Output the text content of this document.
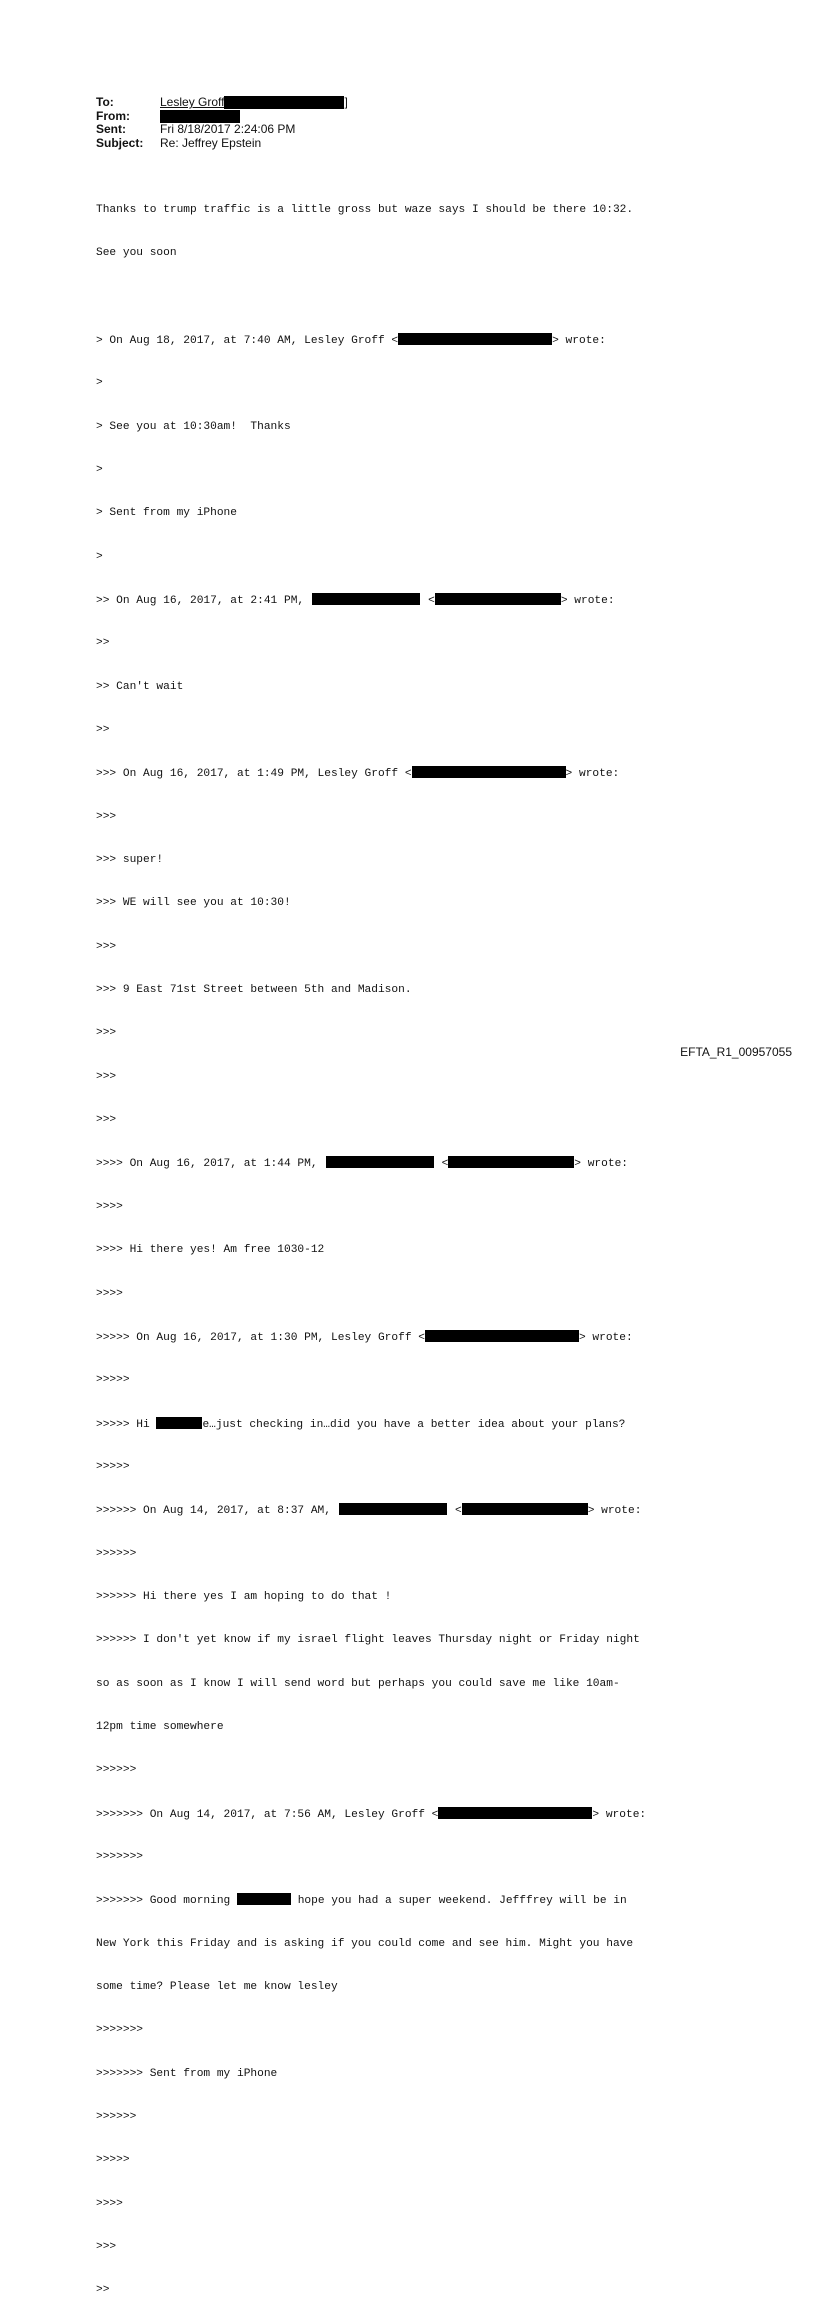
To:	Lesley Groff	]
From:
Sent:	Fri 8/18/2017 2:24:06 PM
Subject: Re: Jeffrey Epstein

Thanks to trump traffic is a little gross but waze says I should be there 10:32.

See you soon

> On Aug 18, 2017, at 7:40 AM, Lesley Groff <	> wrote:

>

> See you at 10:30am!  Thanks

>

> Sent from my iPhone

>

>> On Aug 16, 2017, at 2:41 PM,	<	> wrote:

>>

>> Can't wait

>>

>>> On Aug 16, 2017, at 1:49 PM, Lesley Groff <	> wrote:

>>>

>>> super!

>>> WE will see you at 10:30!

>>>

>>> 9 East 71st Street between 5th and Madison.

>>>

>>>

>>>

>>>> On Aug 16, 2017, at 1:44 PM,	<	> wrote:

>>>>

>>>> Hi there yes! Am free 1030-12

>>>>

>>>>> On Aug 16, 2017, at 1:30 PM, Lesley Groff <	> wrote:

>>>>>

>>>>> Hi	e…just checking in…did you have a better idea about your plans?

>>>>>

>>>>>> On Aug 14, 2017, at 8:37 AM,	<	> wrote:

>>>>>>

>>>>>> Hi there yes I am hoping to do that !

>>>>>> I don't yet know if my israel flight leaves Thursday night or Friday night

so as soon as I know I will send word but perhaps you could save me like 10am-

12pm time somewhere

>>>>>>

>>>>>>> On Aug 14, 2017, at 7:56 AM, Lesley Groff <	> wrote:

>>>>>>>

>>>>>>> Good morning	hope you had a super weekend. Jefffrey will be in

New York this Friday and is asking if you could come and see him. Might you have

some time? Please let me know lesley

>>>>>>>

>>>>>>> Sent from my iPhone

>>>>>>

>>>>>

>>>>

>>>

>>

EFTA_R1_00957055
